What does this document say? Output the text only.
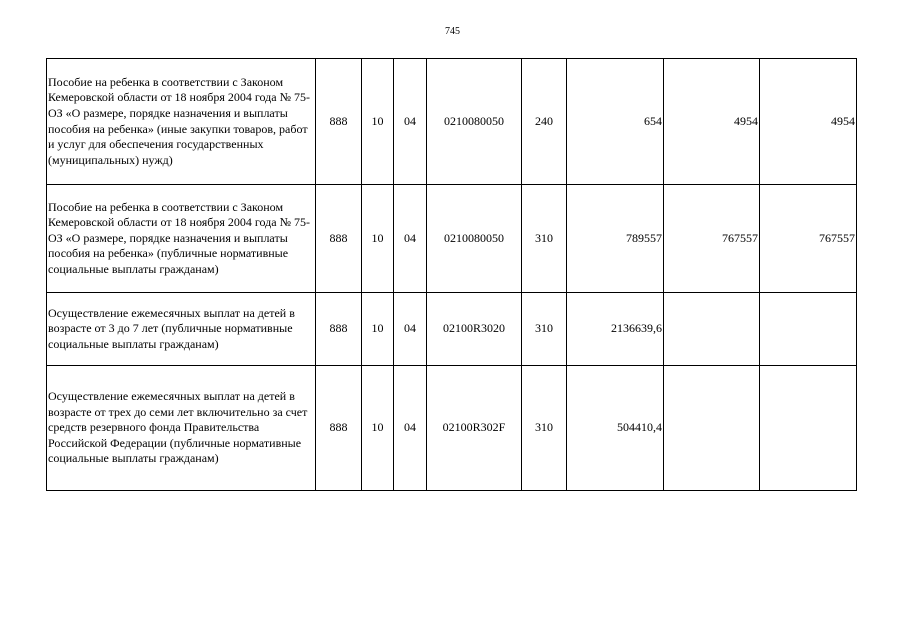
745
Пособие на ребенка в соответствии с Законом Кемеровской области от 18 ноября 2004 года № 75-ОЗ «О размере, порядке назначения и выплаты пособия на ребенка» (иные закупки товаров, работ и услуг для обеспечения государственных (муниципальных) нужд)	888	10	04	0210080050	240	654	4954	4954
Пособие на ребенка в соответствии с Законом Кемеровской области от 18 ноября 2004 года № 75-ОЗ «О размере, порядке назначения и выплаты пособия на ребенка» (публичные нормативные социальные выплаты гражданам)	888	10	04	0210080050	310	789557	767557	767557
Осуществление ежемесячных выплат на детей в возрасте от 3 до 7 лет (публичные нормативные социальные выплаты гражданам)	888	10	04	02100R3020	310	2136639,6		
Осуществление ежемесячных выплат на детей в возрасте от трех до семи лет включительно за счет средств резервного фонда Правительства Российской Федерации (публичные нормативные социальные выплаты гражданам)	888	10	04	02100R302F	310	504410,4		
